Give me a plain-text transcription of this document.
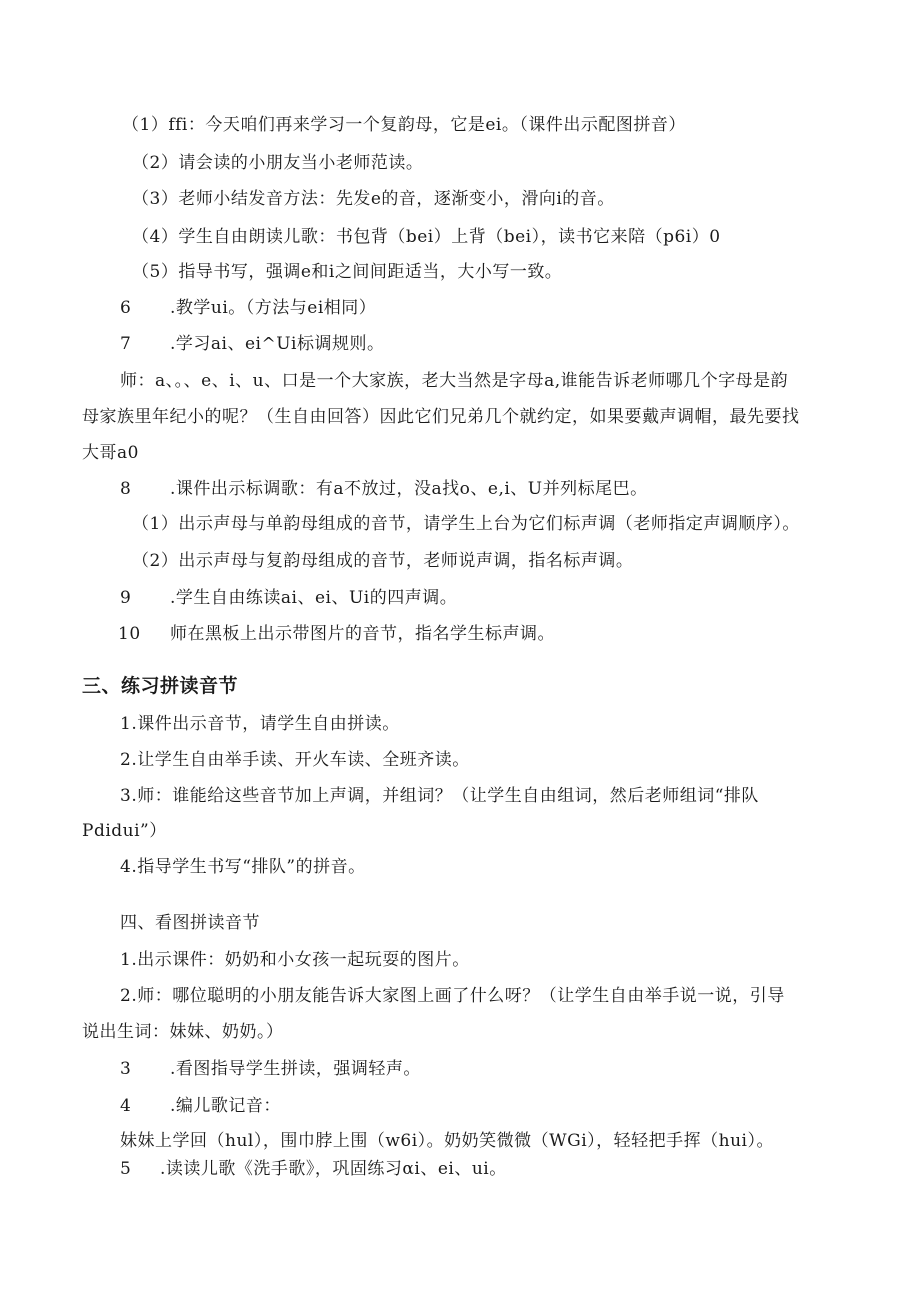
（1）ffi：今天咱们再来学习一个复韵母，它是ei。（课件出示配图拼音）
（2）请会读的小朋友当小老师范读。
（3）老师小结发音方法：先发e的音，逐渐变小，滑向i的音。
（4）学生自由朗读儿歌：书包背（bei）上背（bei），读书它来陪（p6i）0
（5）指导书写，强调e和i之间间距适当，大小写一致。
6 .教学ui。（方法与ei相同）
7 .学习ai、ei^Ui标调规则。
师：a、。、e、i、u、口是一个大家族，老大当然是字母a,谁能告诉老师哪几个字母是韵
母家族里年纪小的呢？（生自由回答）因此它们兄弟几个就约定，如果要戴声调帽，最先要找
大哥a0
8 .课件出示标调歌：有a不放过，没a找o、e,i、U并列标尾巴。
（1）出示声母与单韵母组成的音节，请学生上台为它们标声调（老师指定声调顺序）。
（2）出示声母与复韵母组成的音节，老师说声调，指名标声调。
9 .学生自由练读ai、ei、Ui的四声调。
10 师在黑板上出示带图片的音节，指名学生标声调。
三、练习拼读音节
1.课件出示音节，请学生自由拼读。
2.让学生自由举手读、开火车读、全班齐读。
3.师：谁能给这些音节加上声调，并组词？（让学生自由组词，然后老师组词“排队
Pdidui”）
4.指导学生书写“排队”的拼音。
四、看图拼读音节
1.出示课件：奶奶和小女孩一起玩耍的图片。
2.师：哪位聪明的小朋友能告诉大家图上画了什么呀？（让学生自由举手说一说，引导
说出生词：妹妹、奶奶。）
3 .看图指导学生拼读，强调轻声。
4 .编儿歌记音：
妹妹上学回（hul），围巾脖上围（w6i）。奶奶笑微微（WGi），轻轻把手挥（hui）。
5 .读读儿歌《洗手歌》，巩固练习αi、ei、ui。
